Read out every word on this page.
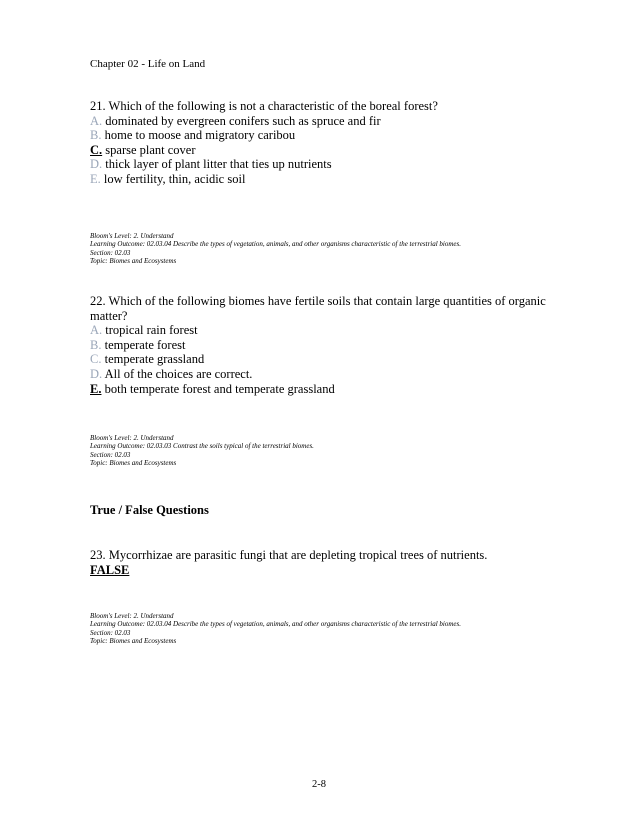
Chapter 02 - Life on Land
21. Which of the following is not a characteristic of the boreal forest?
A. dominated by evergreen conifers such as spruce and fir
B. home to moose and migratory caribou
C. sparse plant cover
D. thick layer of plant litter that ties up nutrients
E. low fertility, thin, acidic soil
Bloom's Level: 2. Understand
Learning Outcome: 02.03.04 Describe the types of vegetation, animals, and other organisms characteristic of the terrestrial biomes.
Section: 02.03
Topic: Biomes and Ecosystems
22. Which of the following biomes have fertile soils that contain large quantities of organic matter?
A. tropical rain forest
B. temperate forest
C. temperate grassland
D. All of the choices are correct.
E. both temperate forest and temperate grassland
Bloom's Level: 2. Understand
Learning Outcome: 02.03.03 Contrast the soils typical of the terrestrial biomes.
Section: 02.03
Topic: Biomes and Ecosystems
True / False Questions
23. Mycorrhizae are parasitic fungi that are depleting tropical trees of nutrients.
FALSE
Bloom's Level: 2. Understand
Learning Outcome: 02.03.04 Describe the types of vegetation, animals, and other organisms characteristic of the terrestrial biomes.
Section: 02.03
Topic: Biomes and Ecosystems
2-8
